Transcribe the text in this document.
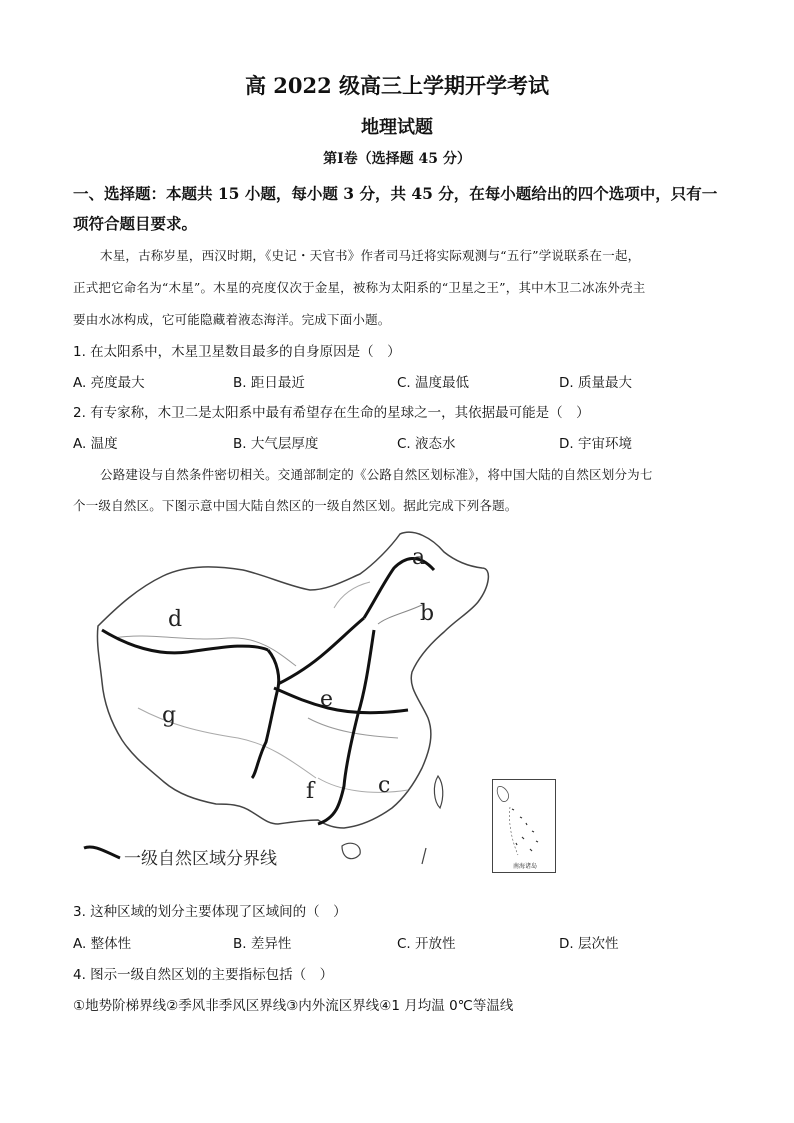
高 2022 级高三上学期开学考试
地理试题
第Ⅰ卷（选择题 45 分）
一、选择题：本题共 15 小题，每小题 3 分，共 45 分，在每小题给出的四个选项中，只有一
项符合题目要求。
木星，古称岁星，西汉时期，《史记・天官书》作者司马迁将实际观测与“五行”学说联系在一起，
正式把它命名为“木星”。木星的亮度仅次于金星，被称为太阳系的“卫星之王”，其中木卫二冰冻外壳主
要由水冰构成，它可能隐藏着液态海洋。完成下面小题。
1. 在太阳系中，木星卫星数目最多的自身原因是（　）
A. 亮度最大	B. 距日最近	C. 温度最低	D. 质量最大
2. 有专家称，木卫二是太阳系中最有希望存在生命的星球之一，其依据最可能是（　）
A. 温度	B. 大气层厚度	C. 液态水	D. 宇宙环境
公路建设与自然条件密切相关。交通部制定的《公路自然区划标准》，将中国大陆的自然区划分为七
个一级自然区。下图示意中国大陆自然区的一级自然区划。据此完成下列各题。
a
b
c
d
e
f
g
一级自然区域分界线	南海诸岛
3. 这种区域的划分主要体现了区域间的（　）
A. 整体性	B. 差异性	C. 开放性	D. 层次性
4. 图示一级自然区划的主要指标包括（　）
①地势阶梯界线②季风非季风区界线③内外流区界线④1 月均温 0℃等温线
